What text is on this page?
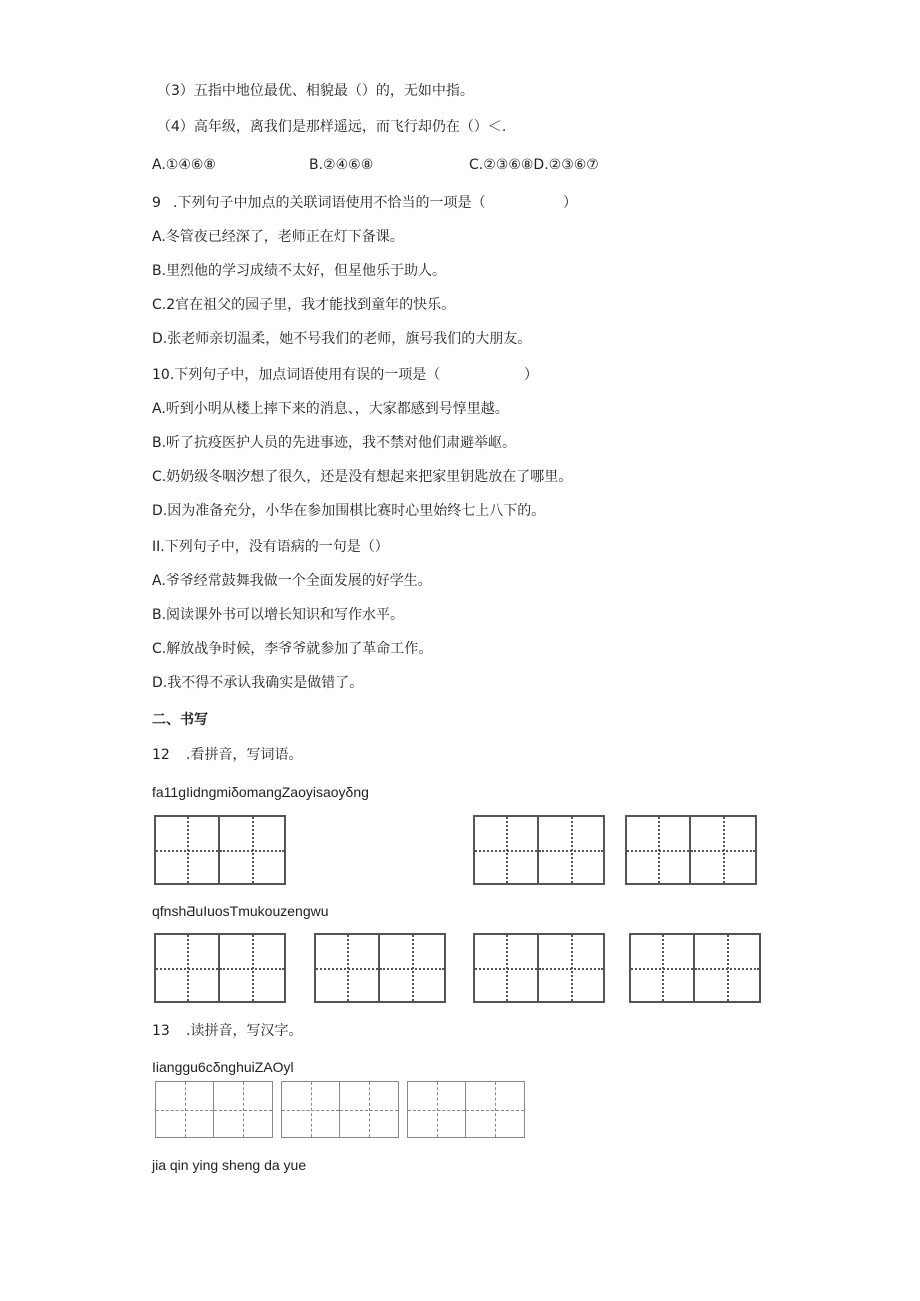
（3）五指中地位最优、相貌最（）的，无如中指。
（4）高年级，离我们是那样遥远，而飞行却仍在（）＜.
A.①④⑥⑧	B.②④⑥⑧	C.②③⑥⑧D.②③⑥⑦
9 .下列句子中加点的关联词语使用不恰当的一项是（	）
A.冬管夜已经深了，老师正在灯下备课。
B.里烈他的学习成绩不太好，但星他乐于助人。
C.2官在祖父的园子里，我才能找到童年的快乐。
D.张老师亲切温柔，她不号我们的老师，旗号我们的大朋友。
10.下列句子中，加点词语使用有误的一项是（	）
A.听到小明从楼上摔下来的消息、，大家都感到号惇里越。
B.听了抗疫医护人员的先进事迹，我不禁对他们肃避举岖。
C.奶奶级冬咽汐想了很久，还是没有想起来把家里钥匙放在了哪里。
D.因为准备充分，小华在参加围棋比赛时心里始终七上八下的。
II.下列句子中，没有语病的一句是（）
A.爷爷经常鼓舞我做一个全面发展的好学生。
B.阅读课外书可以增长知识和写作水平。
C.解放战争时候，李爷爷就参加了革命工作。
D.我不得不承认我确实是做错了。
二、书写
12 .看拼音，写词语。
fa11gIidngmiδomangZaoyisaoyδng
qfnshƋuIuosTmukouzengwu
13 .读拼音，写汉字。
Iianggu6cδnghuiZAOyl
jia qin ying sheng da yue
